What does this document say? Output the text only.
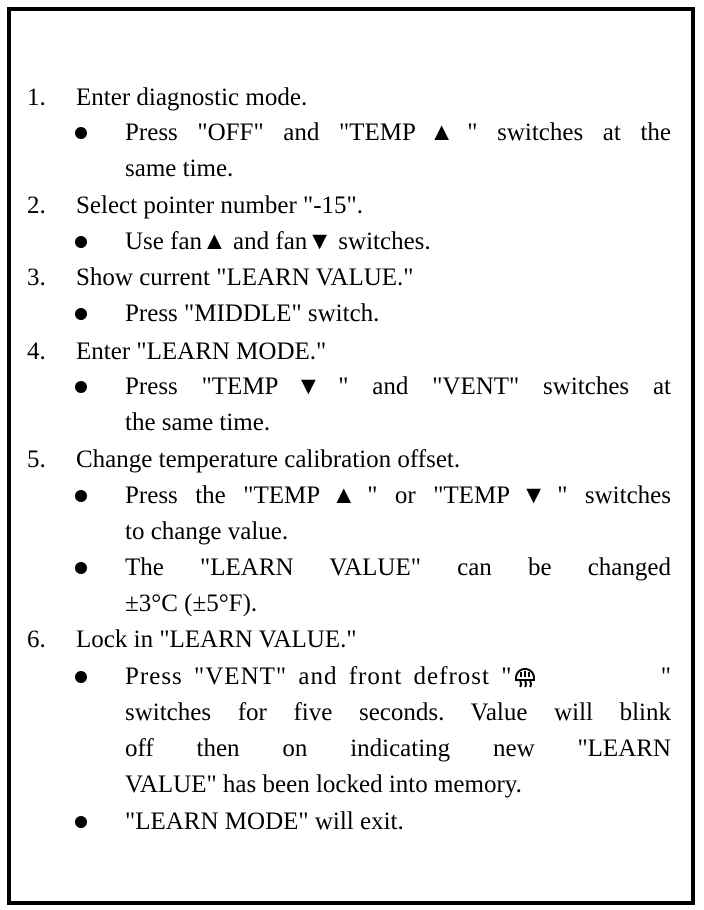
1. Enter diagnostic mode.
Press "OFF" and "TEMP▲" switches at the
same time.
2. Select pointer number "-15".
Use fan▲ and fan▼ switches.
3. Show current "LEARN VALUE."
Press "MIDDLE" switch.
4. Enter "LEARN MODE."
Press "TEMP▼" and "VENT" switches at
the same time.
5. Change temperature calibration offset.
Press the "TEMP▲" or "TEMP▼" switches
to change value.
The "LEARN VALUE" can be changed
±3°C (±5°F).
6. Lock in "LEARN VALUE."
Press "VENT" and front defrost "	"
switches for five seconds. Value will blink
off then on indicating new "LEARN
VALUE" has been locked into memory.
"LEARN MODE" will exit.
